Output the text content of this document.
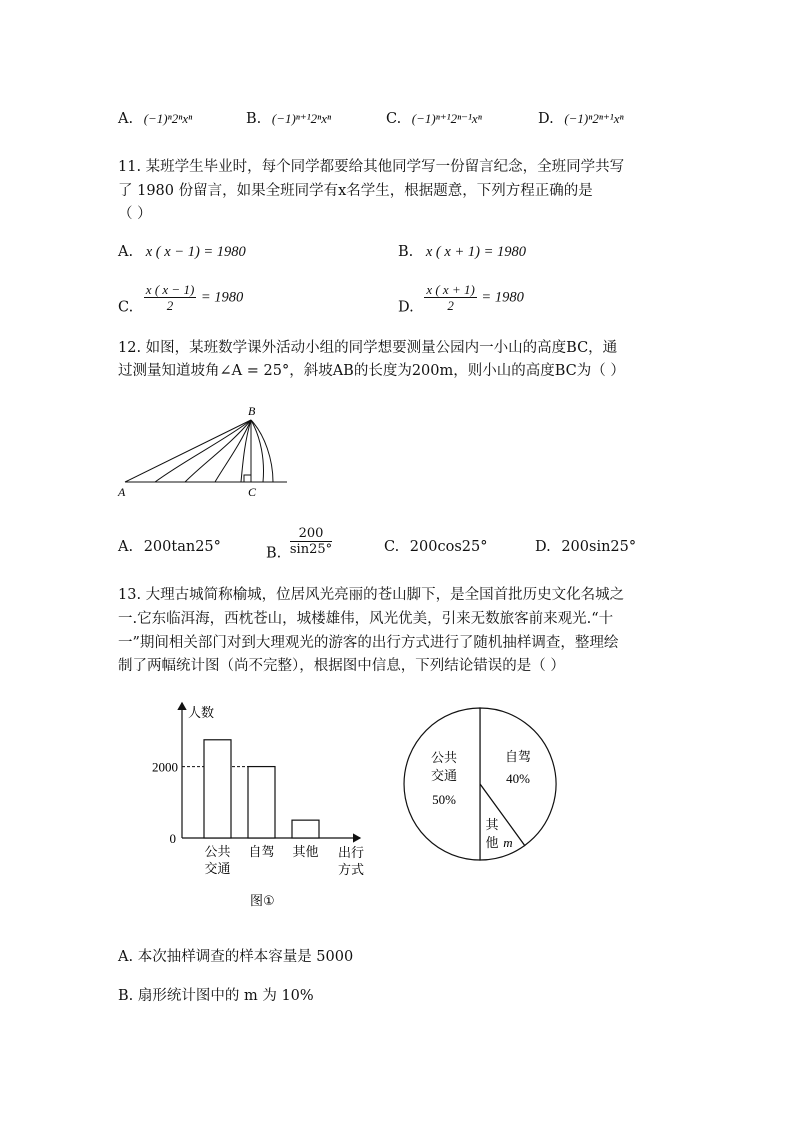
A. (−1)ⁿ2ⁿxⁿ	B. (−1)ⁿ⁺¹2ⁿxⁿ	C. (−1)ⁿ⁺¹2ⁿ⁻¹xⁿ	D. (−1)ⁿ2ⁿ⁺¹xⁿ
11. 某班学生毕业时，每个同学都要给其他同学写一份留言纪念，全班同学共写
了 1980 份留言，如果全班同学有x名学生，根据题意，下列方程正确的是
（ ）
A. x ( x − 1) = 1980	B. x ( x + 1) = 1980
C. $\frac{x ( x - 1)}{2} = 1980$
D. $\frac{x ( x + 1)}{2} = 1980$
12. 如图，某班数学课外活动小组的同学想要测量公园内一小山的高度BC，通
过测量知道坡角∠A = 25°，斜坡AB的长度为200m，则小山的高度BC为（ ）
A
B
C
A. 200tan25°	B. $\frac{200}{\sin 25^\circ}$	C. 200cos25°	D. 200sin25°
13. 大理古城简称榆城，位居风光亮丽的苍山脚下，是全国首批历史文化名城之
一.它东临洱海，西枕苍山，城楼雄伟，风光优美，引来无数旅客前来观光.“十
一”期间相关部门对到大理观光的游客的出行方式进行了随机抽样调查，整理绘
制了两幅统计图（尚不完整），根据图中信息，下列结论错误的是（ ）
人数
出行
方式
0
2000
公共
交通
自驾 其他
图①
自驾
40%
其
他 m
公共
交通
50%
A. 本次抽样调查的样本容量是 5000
B. 扇形统计图中的 m 为 10%
